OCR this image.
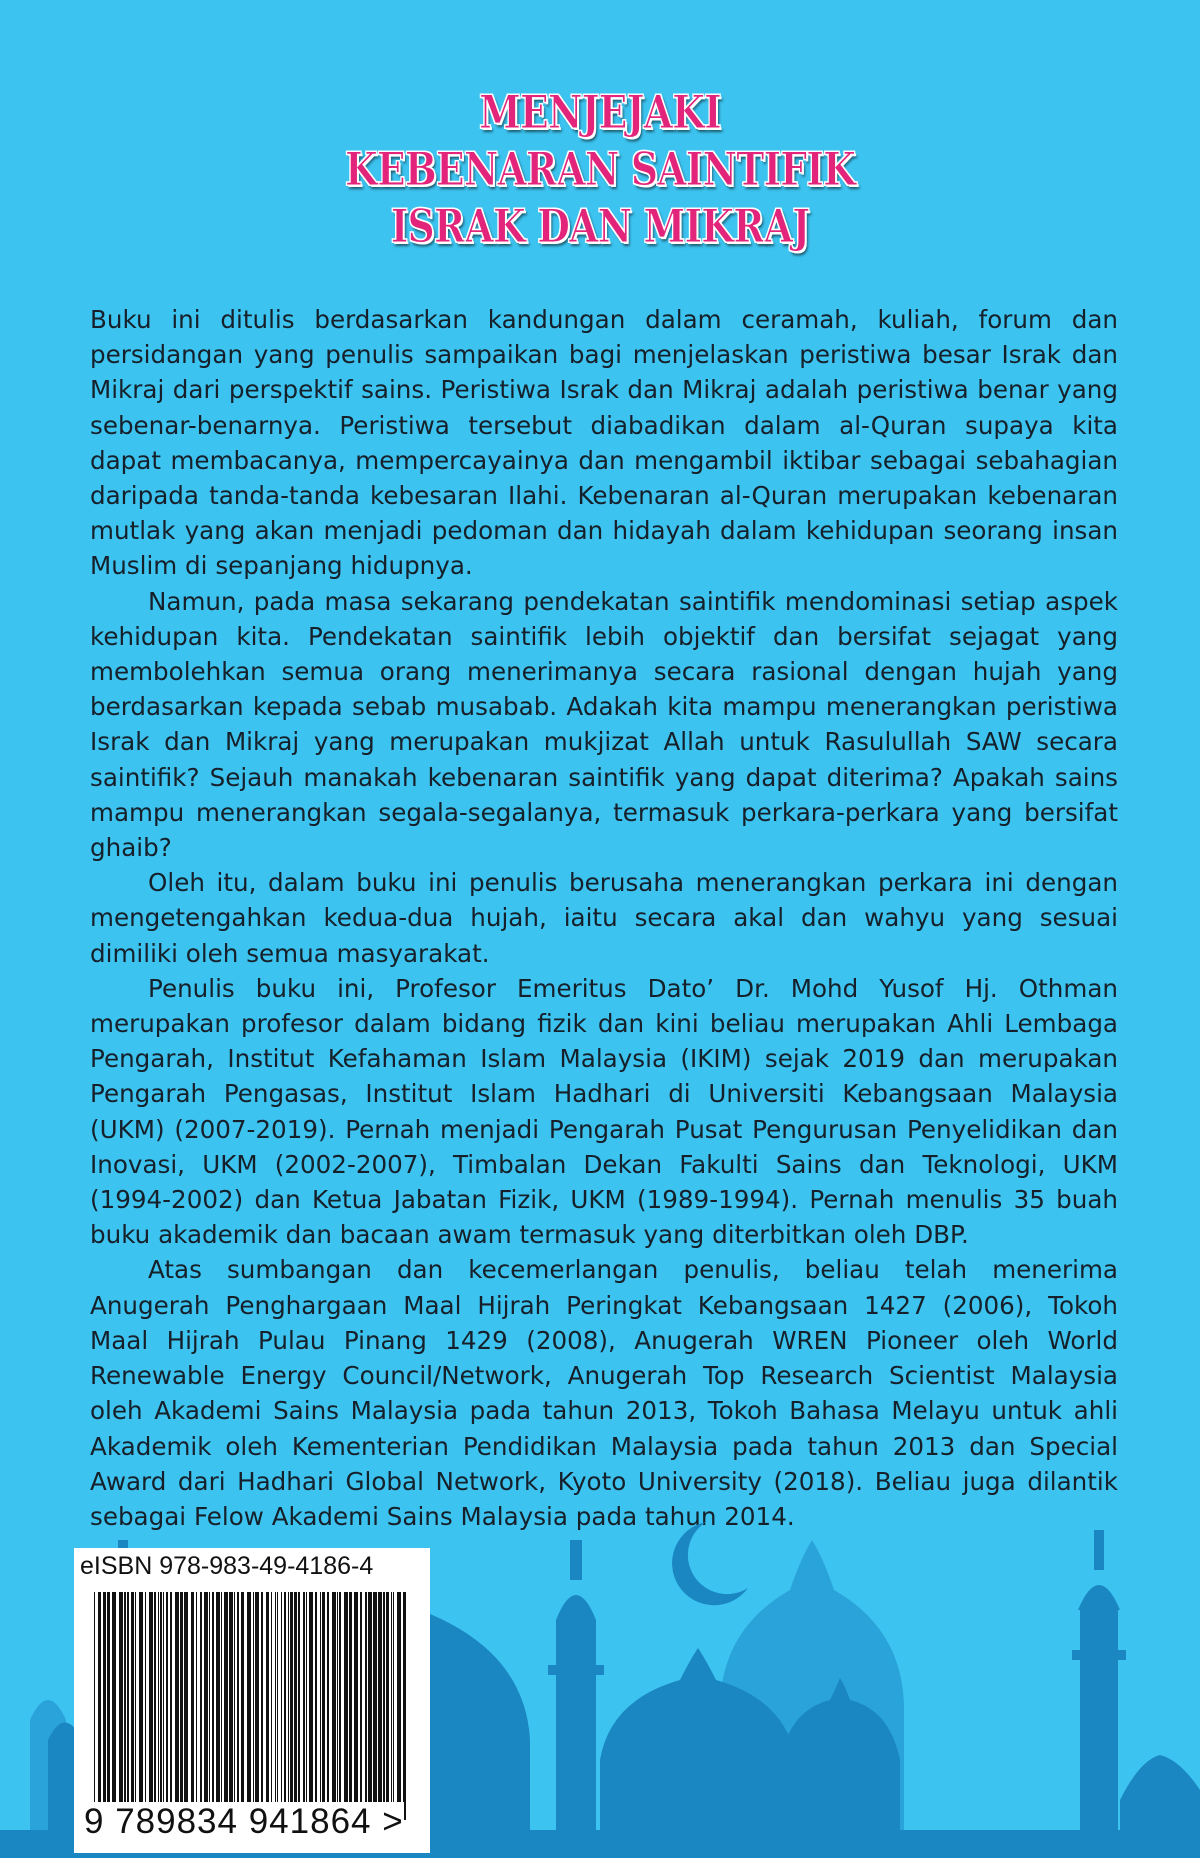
MENJEJAKI
KEBENARAN SAINTIFIK
ISRAK DAN MIKRAJ

Buku ini ditulis berdasarkan kandungan dalam ceramah, kuliah, forum dan persidangan yang penulis sampaikan bagi menjelaskan peristiwa besar Israk dan Mikraj dari perspektif sains. Peristiwa Israk dan Mikraj adalah peristiwa benar yang sebenar-benarnya. Peristiwa tersebut diabadikan dalam al-Quran supaya kita dapat membacanya, mempercayainya dan mengambil iktibar sebagai sebahagian daripada tanda-tanda kebesaran Ilahi. Kebenaran al-Quran merupakan kebenaran mutlak yang akan menjadi pedoman dan hidayah dalam kehidupan seorang insan Muslim di sepanjang hidupnya.

Namun, pada masa sekarang pendekatan saintifik mendominasi setiap aspek kehidupan kita. Pendekatan saintifik lebih objektif dan bersifat sejagat yang membolehkan semua orang menerimanya secara rasional dengan hujah yang berdasarkan kepada sebab musabab. Adakah kita mampu menerangkan peristiwa Israk dan Mikraj yang merupakan mukjizat Allah untuk Rasulullah SAW secara saintifik? Sejauh manakah kebenaran saintifik yang dapat diterima? Apakah sains mampu menerangkan segala-segalanya, termasuk perkara-perkara yang bersifat ghaib?

Oleh itu, dalam buku ini penulis berusaha menerangkan perkara ini dengan mengetengahkan kedua-dua hujah, iaitu secara akal dan wahyu yang sesuai dimiliki oleh semua masyarakat.

Penulis buku ini, Profesor Emeritus Dato’ Dr. Mohd Yusof Hj. Othman merupakan profesor dalam bidang fizik dan kini beliau merupakan Ahli Lembaga Pengarah, Institut Kefahaman Islam Malaysia (IKIM) sejak 2019 dan merupakan Pengarah Pengasas, Institut Islam Hadhari di Universiti Kebangsaan Malaysia (UKM) (2007-2019). Pernah menjadi Pengarah Pusat Pengurusan Penyelidikan dan Inovasi, UKM (2002-2007), Timbalan Dekan Fakulti Sains dan Teknologi, UKM (1994-2002) dan Ketua Jabatan Fizik, UKM (1989-1994). Pernah menulis 35 buah buku akademik dan bacaan awam termasuk yang diterbitkan oleh DBP.

Atas sumbangan dan kecemerlangan penulis, beliau telah menerima Anugerah Penghargaan Maal Hijrah Peringkat Kebangsaan 1427 (2006), Tokoh Maal Hijrah Pulau Pinang 1429 (2008), Anugerah WREN Pioneer oleh World Renewable Energy Council/Network, Anugerah Top Research Scientist Malaysia oleh Akademi Sains Malaysia pada tahun 2013, Tokoh Bahasa Melayu untuk ahli Akademik oleh Kementerian Pendidikan Malaysia pada tahun 2013 dan Special Award dari Hadhari Global Network, Kyoto University (2018). Beliau juga dilantik sebagai Felow Akademi Sains Malaysia pada tahun 2014.

eISBN 978-983-49-4186-4
9 789834 941864 >
